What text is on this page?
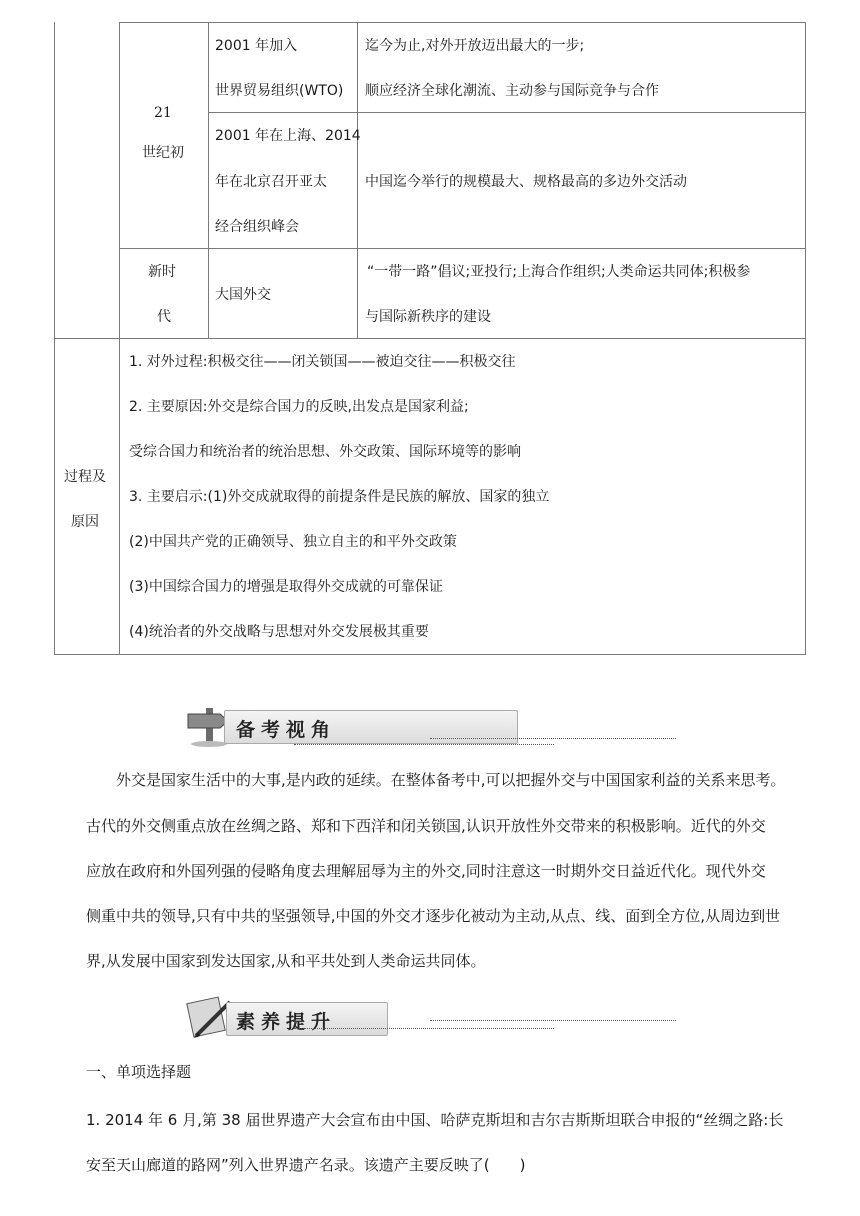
21
世纪初
2001 年加入
世界贸易组织(WTO)
迄今为止,对外开放迈出最大的一步;
顺应经济全球化潮流、主动参与国际竞争与合作
2001 年在上海、2014
年在北京召开亚太
经合组织峰会
中国迄今举行的规模最大、规格最高的多边外交活动
新时
代
大国外交
“一带一路”倡议;亚投行;上海合作组织;人类命运共同体;积极参
与国际新秩序的建设
过程及
原因
1. 对外过程:积极交往——闭关锁国——被迫交往——积极交往
2. 主要原因:外交是综合国力的反映,出发点是国家利益;
受综合国力和统治者的统治思想、外交政策、国际环境等的影响
3. 主要启示:(1)外交成就取得的前提条件是民族的解放、国家的独立
(2)中国共产党的正确领导、独立自主的和平外交政策
(3)中国综合国力的增强是取得外交成就的可靠保证
(4)统治者的外交战略与思想对外交发展极其重要
备考视角
外交是国家生活中的大事,是内政的延续。在整体备考中,可以把握外交与中国国家利益的关系来思考。
古代的外交侧重点放在丝绸之路、郑和下西洋和闭关锁国,认识开放性外交带来的积极影响。近代的外交
应放在政府和外国列强的侵略角度去理解屈辱为主的外交,同时注意这一时期外交日益近代化。现代外交
侧重中共的领导,只有中共的坚强领导,中国的外交才逐步化被动为主动,从点、线、面到全方位,从周边到世
界,从发展中国家到发达国家,从和平共处到人类命运共同体。
素养提升
一、单项选择题
1. 2014 年 6 月,第 38 届世界遗产大会宣布由中国、哈萨克斯坦和吉尔吉斯斯坦联合申报的“丝绸之路:长
安至天山廊道的路网”列入世界遗产名录。该遗产主要反映了(　　)
